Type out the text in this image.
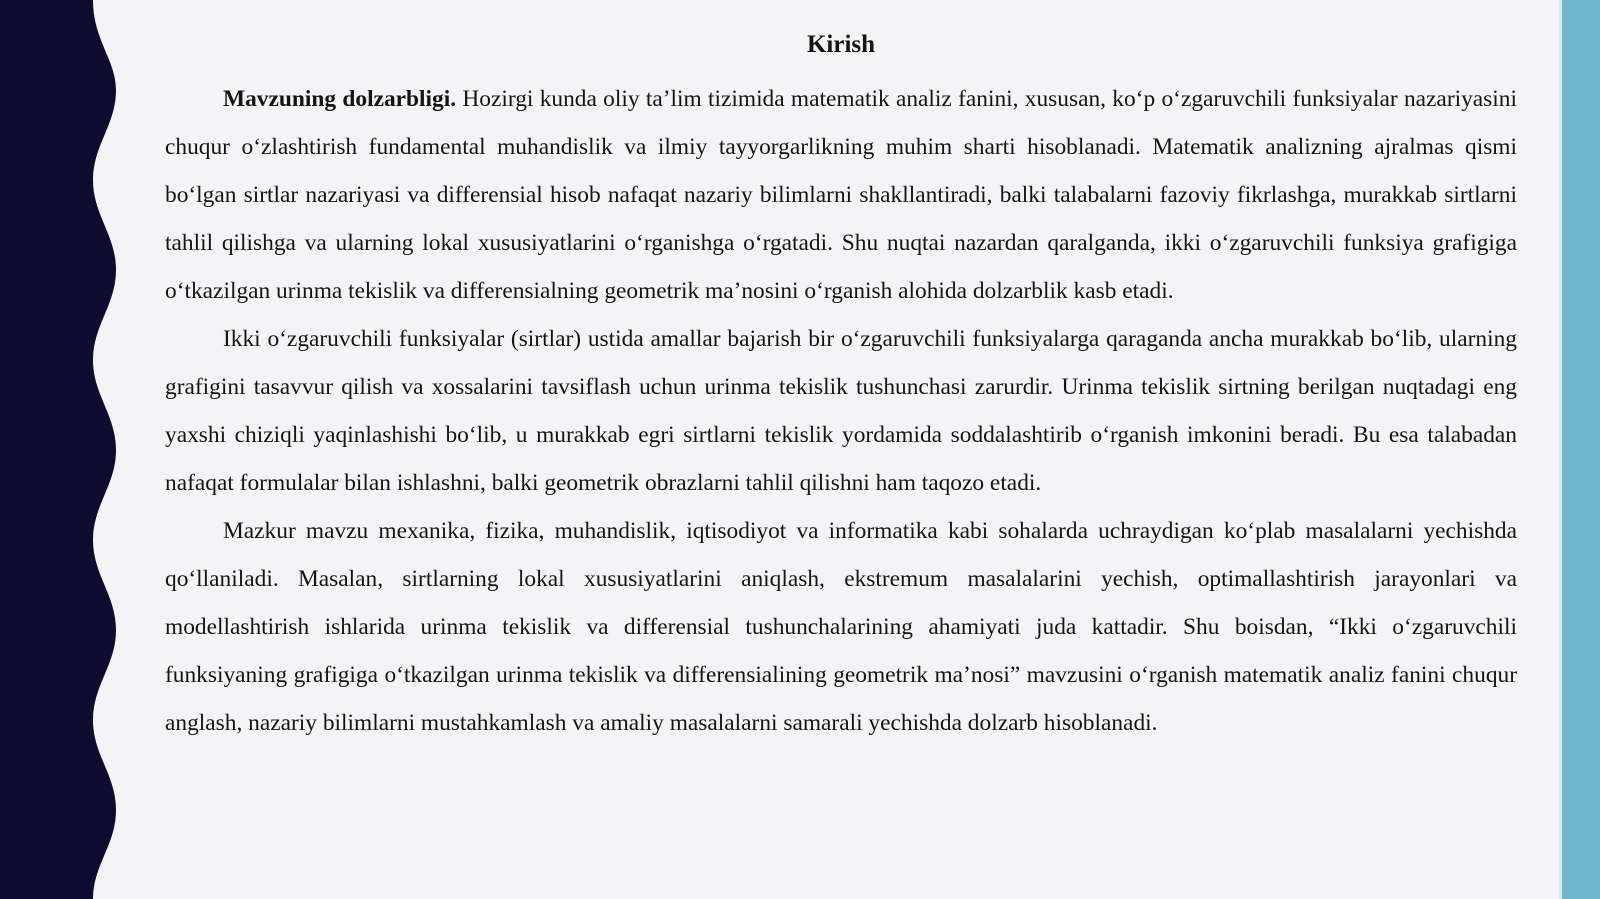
Kirish

Mavzuning dolzarbligi. Hozirgi kunda oliy ta’lim tizimida matematik analiz fanini, xususan, ko‘p o‘zgaruvchili funksiyalar nazariyasini chuqur o‘zlashtirish fundamental muhandislik va ilmiy tayyorgarlikning muhim sharti hisoblanadi. Matematik analizning ajralmas qismi bo‘lgan sirtlar nazariyasi va differensial hisob nafaqat nazariy bilimlarni shakllantiradi, balki talabalarni fazoviy fikrlashga, murakkab sirtlarni tahlil qilishga va ularning lokal xususiyatlarini o‘rganishga o‘rgatadi. Shu nuqtai nazardan qaralganda, ikki o‘zgaruvchili funksiya grafigiga o‘tkazilgan urinma tekislik va differensialning geometrik ma’nosini o‘rganish alohida dolzarblik kasb etadi.

Ikki o‘zgaruvchili funksiyalar (sirtlar) ustida amallar bajarish bir o‘zgaruvchili funksiyalarga qaraganda ancha murakkab bo‘lib, ularning grafigini tasavvur qilish va xossalarini tavsiflash uchun urinma tekislik tushunchasi zarurdir. Urinma tekislik sirtning berilgan nuqtadagi eng yaxshi chiziqli yaqinlashishi bo‘lib, u murakkab egri sirtlarni tekislik yordamida soddalashtirib o‘rganish imkonini beradi. Bu esa talabadan nafaqat formulalar bilan ishlashni, balki geometrik obrazlarni tahlil qilishni ham taqozo etadi.

Mazkur mavzu mexanika, fizika, muhandislik, iqtisodiyot va informatika kabi sohalarda uchraydigan ko‘plab masalalarni yechishda qo‘llaniladi. Masalan, sirtlarning lokal xususiyatlarini aniqlash, ekstremum masalalarini yechish, optimallashtirish jarayonlari va modellashtirish ishlarida urinma tekislik va differensial tushunchalarining ahamiyati juda kattadir. Shu boisdan, “Ikki o‘zgaruvchili funksiyaning grafigiga o‘tkazilgan urinma tekislik va differensialining geometrik ma’nosi” mavzusini o‘rganish matematik analiz fanini chuqur anglash, nazariy bilimlarni mustahkamlash va amaliy masalalarni samarali yechishda dolzarb hisoblanadi.
